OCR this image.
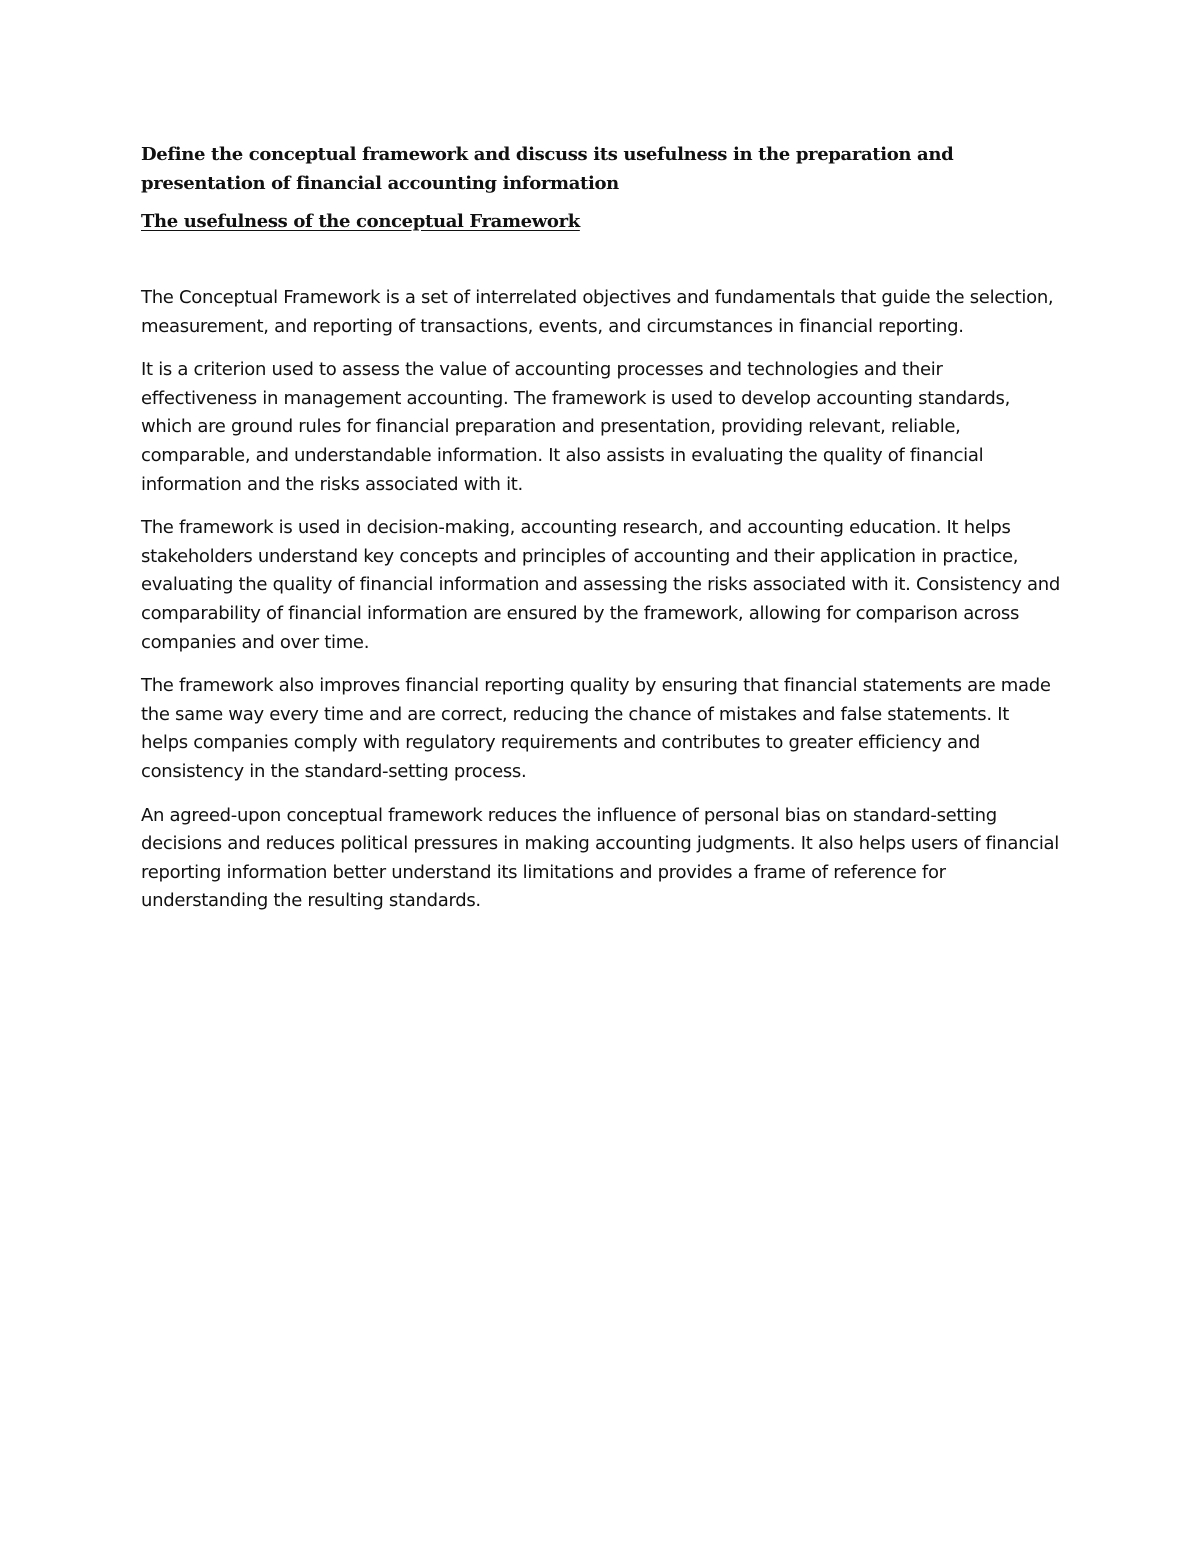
Define the conceptual framework and discuss its usefulness in the preparation and presentation of financial accounting information
The usefulness of the conceptual Framework

The Conceptual Framework is a set of interrelated objectives and fundamentals that guide the selection, measurement, and reporting of transactions, events, and circumstances in financial reporting.

It is a criterion used to assess the value of accounting processes and technologies and their effectiveness in management accounting. The framework is used to develop accounting standards, which are ground rules for financial preparation and presentation, providing relevant, reliable, comparable, and understandable information. It also assists in evaluating the quality of financial information and the risks associated with it.

The framework is used in decision-making, accounting research, and accounting education. It helps stakeholders understand key concepts and principles of accounting and their application in practice, evaluating the quality of financial information and assessing the risks associated with it. Consistency and comparability of financial information are ensured by the framework, allowing for comparison across companies and over time.

The framework also improves financial reporting quality by ensuring that financial statements are made the same way every time and are correct, reducing the chance of mistakes and false statements. It helps companies comply with regulatory requirements and contributes to greater efficiency and consistency in the standard-setting process.

An agreed-upon conceptual framework reduces the influence of personal bias on standard-setting decisions and reduces political pressures in making accounting judgments. It also helps users of financial reporting information better understand its limitations and provides a frame of reference for understanding the resulting standards.
